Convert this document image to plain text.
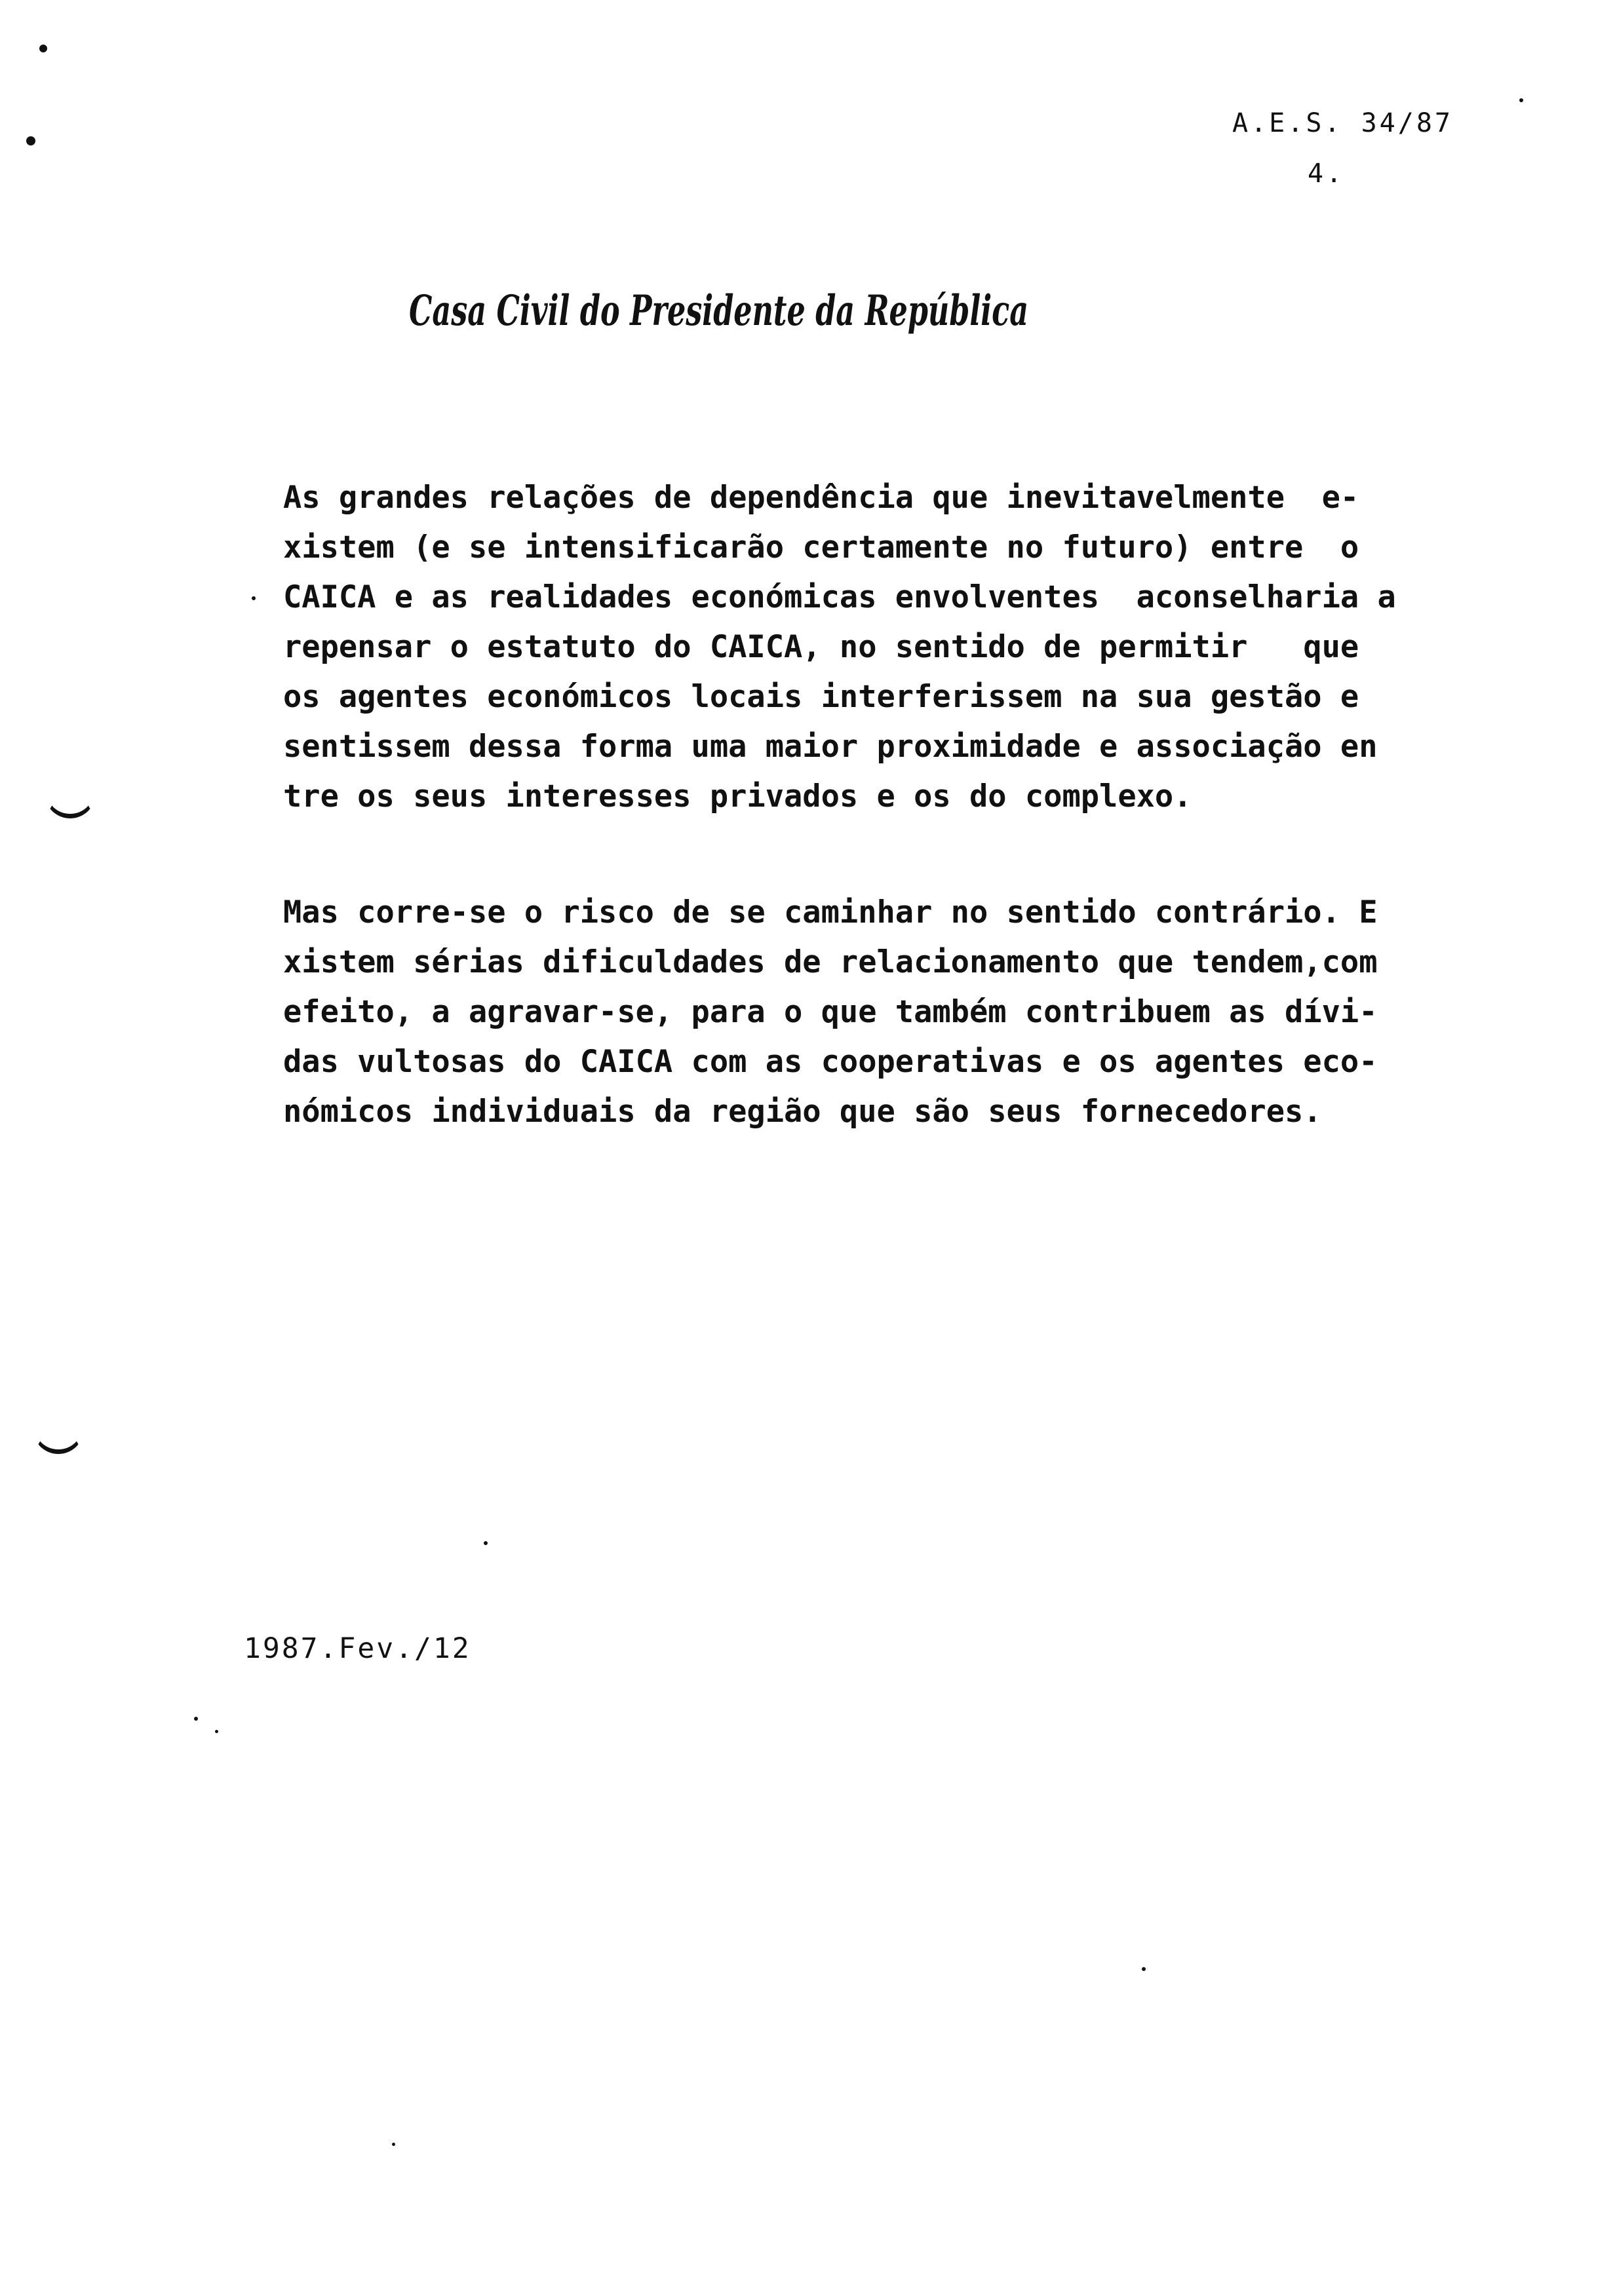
A.E.S. 34/87
4.
Casa Civil do Presidente da República
As grandes relações de dependência que inevitavelmente  e-
xistem (e se intensificarão certamente no futuro) entre  o
CAICA e as realidades económicas envolventes  aconselharia a
repensar o estatuto do CAICA, no sentido de permitir   que
os agentes económicos locais interferissem na sua gestão e
sentissem dessa forma uma maior proximidade e associação en
tre os seus interesses privados e os do complexo.
Mas corre-se o risco de se caminhar no sentido contrário. E
xistem sérias dificuldades de relacionamento que tendem,com
efeito, a agravar-se, para o que também contribuem as dívi-
das vultosas do CAICA com as cooperativas e os agentes eco-
nómicos individuais da região que são seus fornecedores.
1987.Fev./12
